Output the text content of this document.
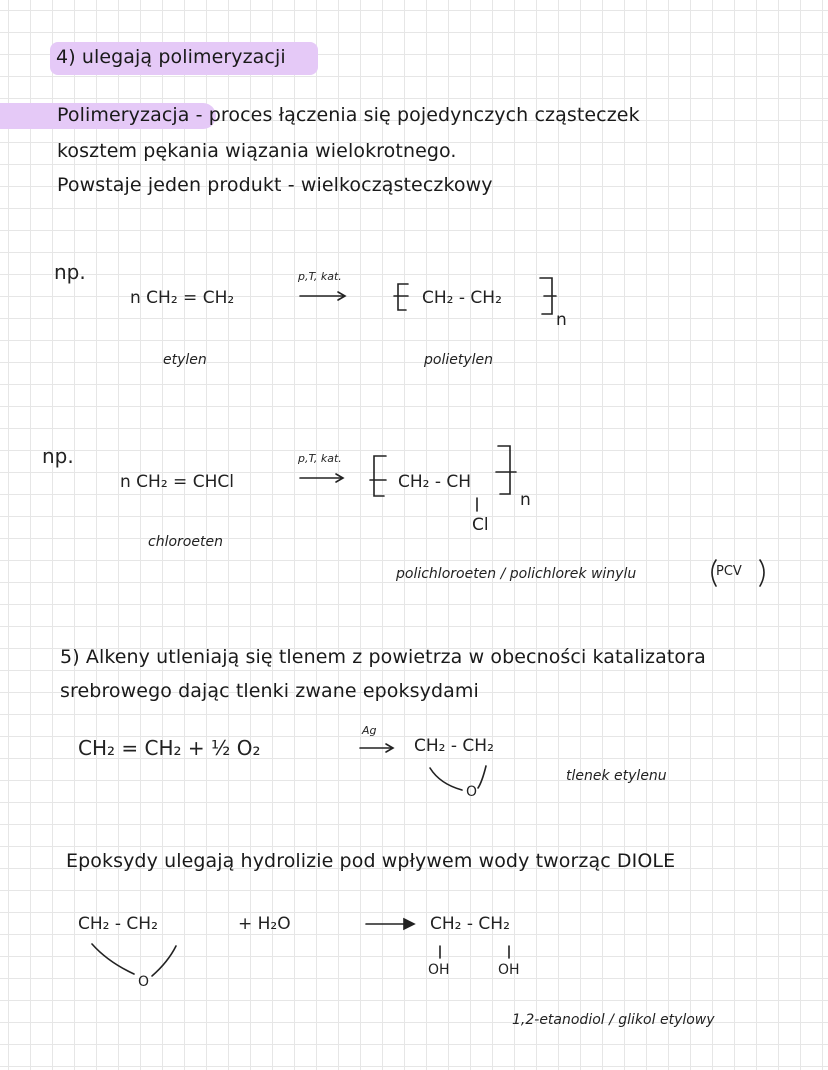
4) ulegają polimeryzacji
Polimeryzacja - proces łączenia się pojedynczych cząsteczek
kosztem pękania wiązania wielokrotnego.
Powstaje jeden produkt - wielkocząsteczkowy
np.
n CH₂ = CH₂
p,T, kat.
CH₂ - CH₂
n
etylen	polietylen
np.
n CH₂ = CHCl
p,T, kat.
CH₂ - CH
Cl
n
chloroeten
polichloroeten / polichlorek winylu	PCV
5) Alkeny utleniają się tlenem z powietrza w obecności katalizatora
srebrowego dając tlenki zwane epoksydami
CH₂ = CH₂ + ½ O₂
Ag
CH₂ - CH₂
O
tlenek etylenu
Epoksydy ulegają hydrolizie pod wpływem wody tworząc DIOLE
CH₂ - CH₂
O
+ H₂O	CH₂ - CH₂
OH	OH
1,2-etanodiol / glikol etylowy
